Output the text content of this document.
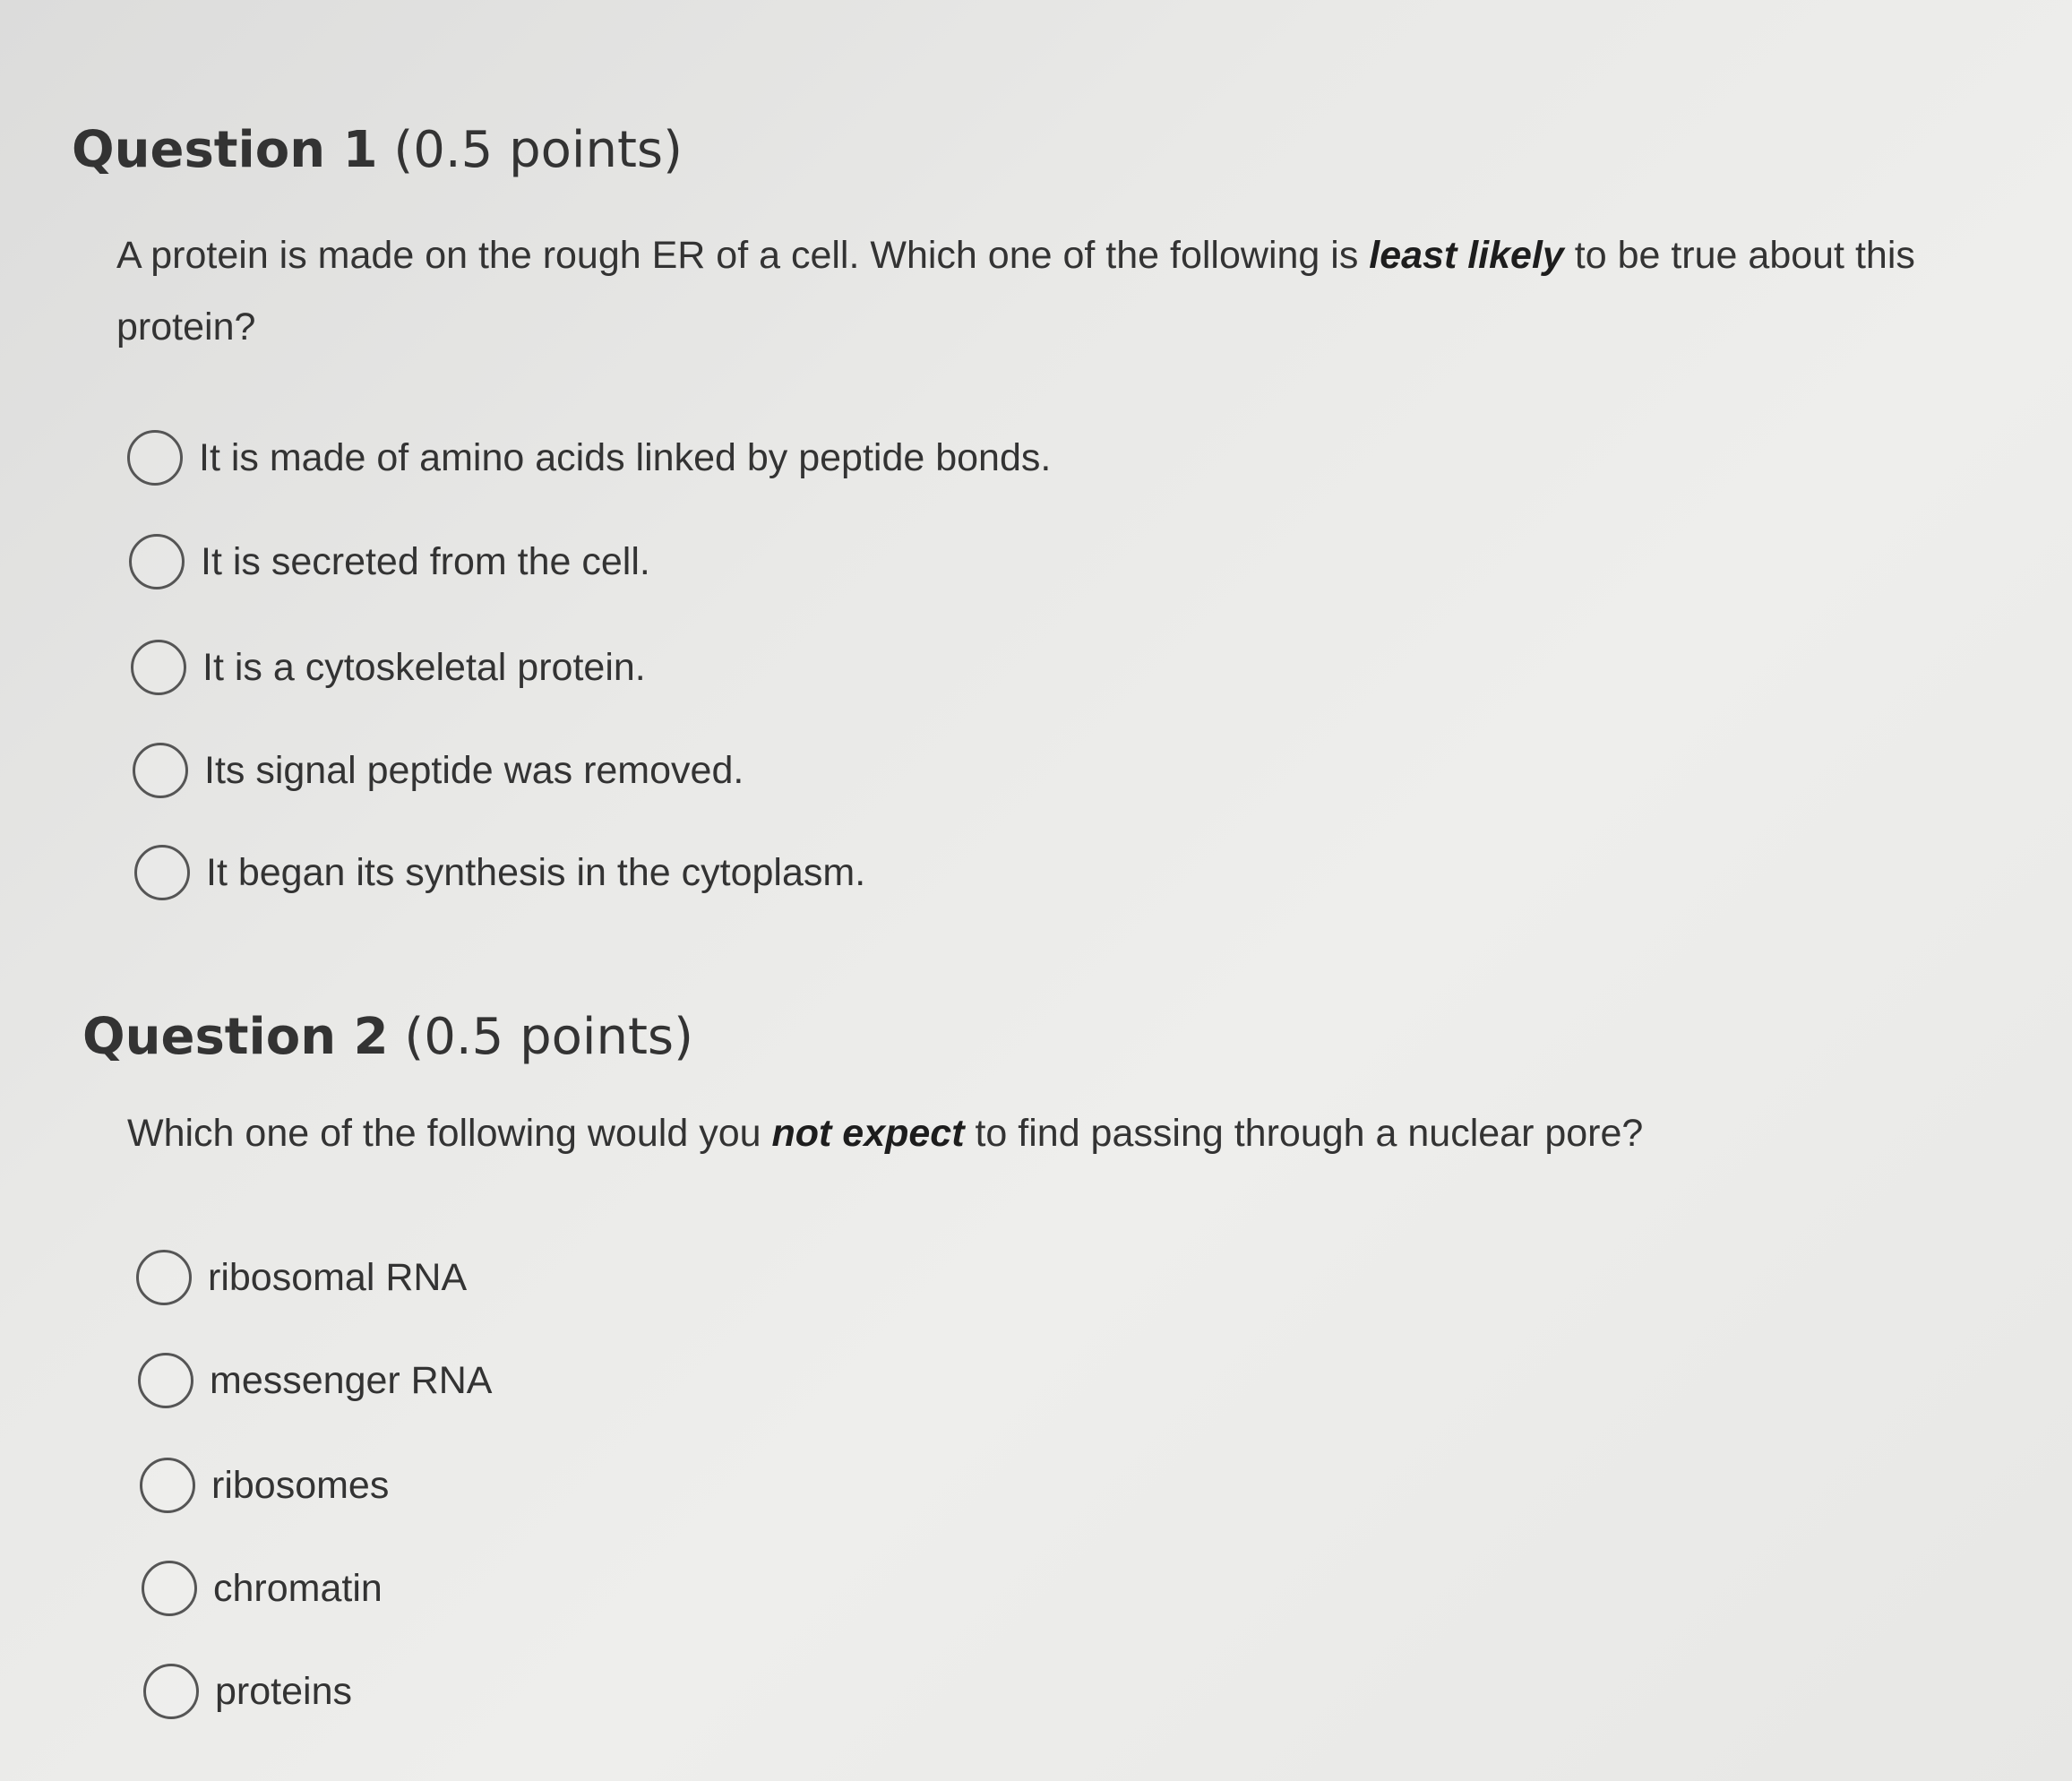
Question 1 (0.5 points)

A protein is made on the rough ER of a cell. Which one of the following is least likely to be true about this protein?

It is made of amino acids linked by peptide bonds.
It is secreted from the cell.
It is a cytoskeletal protein.
Its signal peptide was removed.
It began its synthesis in the cytoplasm.
Question 2 (0.5 points)

Which one of the following would you not expect to find passing through a nuclear pore?

ribosomal RNA
messenger RNA
ribosomes
chromatin
proteins
